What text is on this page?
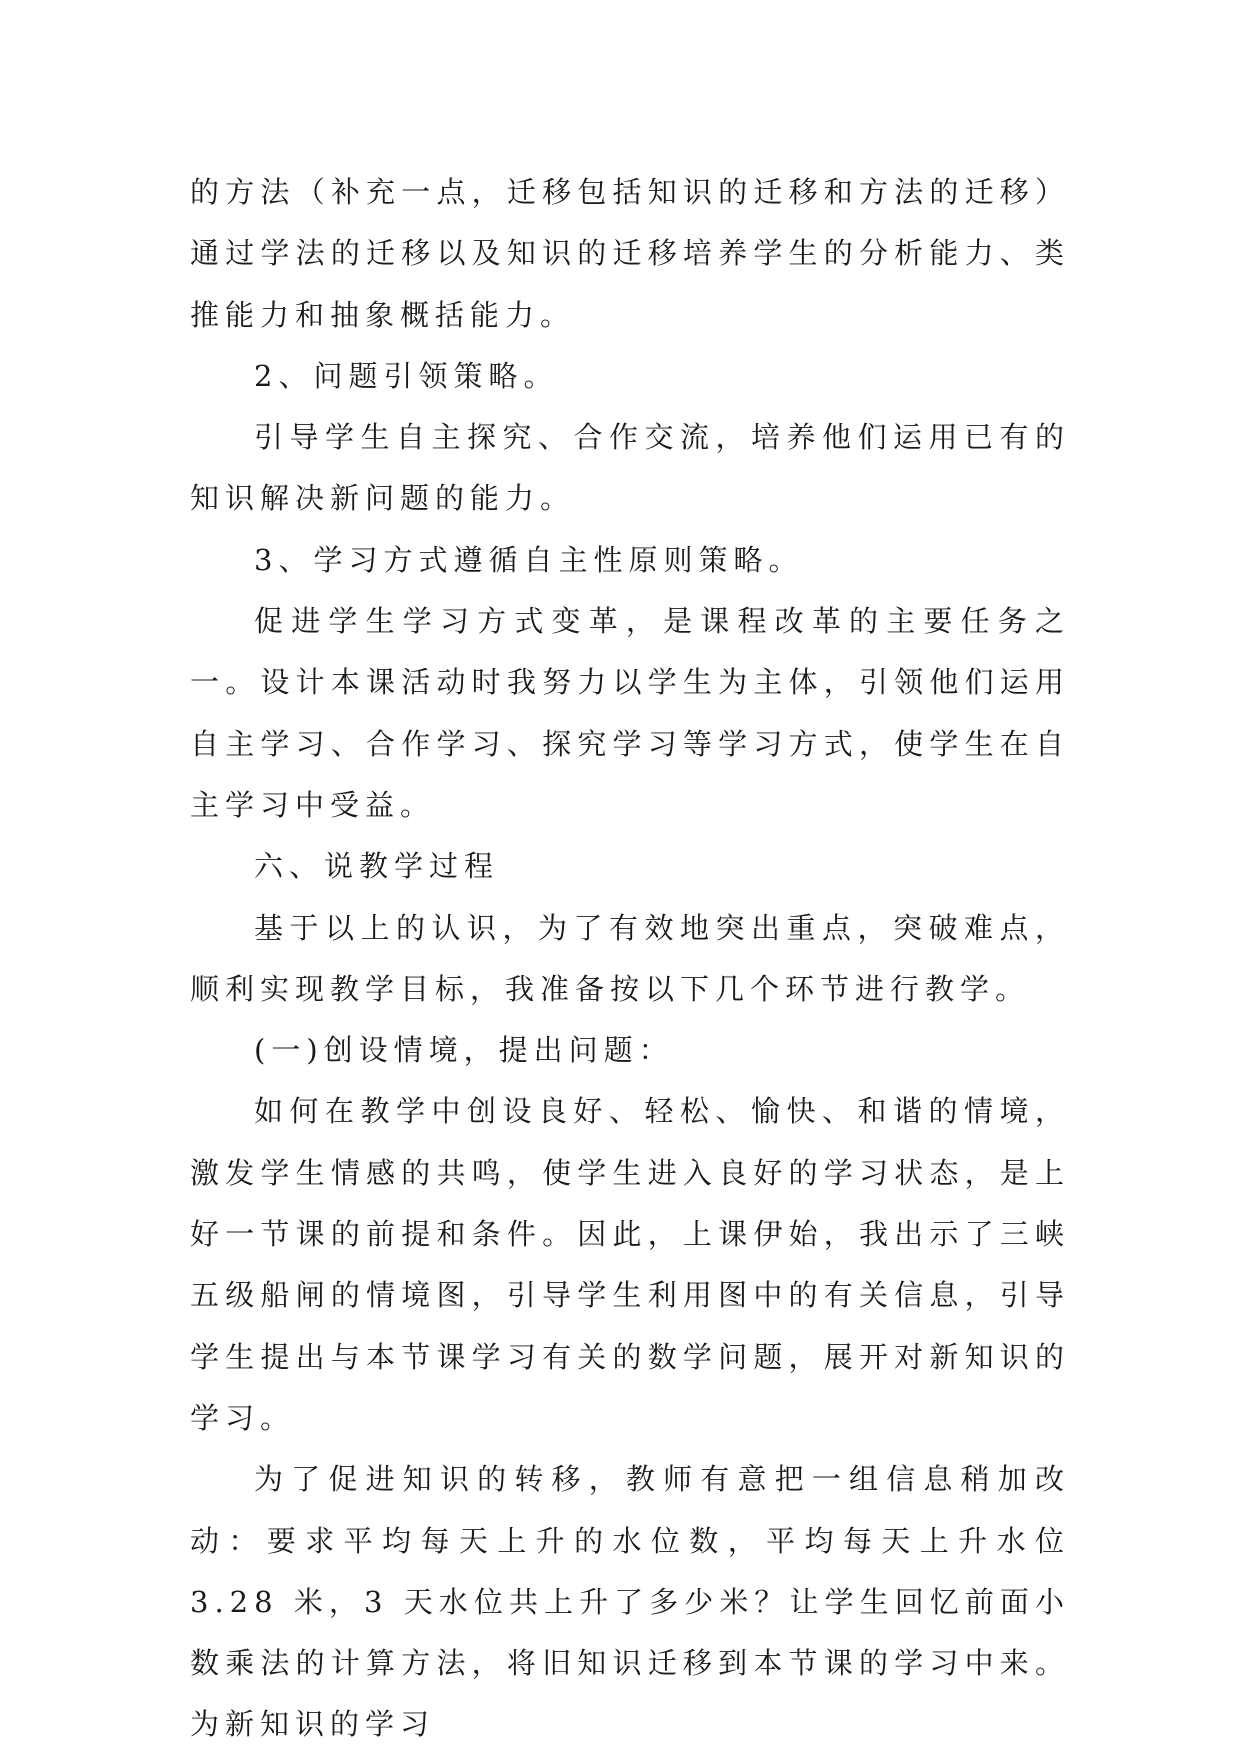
的方法（补充一点，迁移包括知识的迁移和方法的迁移）通过学法的迁移以及知识的迁移培养学生的分析能力、类推能力和抽象概括能力。

2、问题引领策略。

引导学生自主探究、合作交流，培养他们运用已有的知识解决新问题的能力。

3、学习方式遵循自主性原则策略。

促进学生学习方式变革，是课程改革的主要任务之一。设计本课活动时我努力以学生为主体，引领他们运用自主学习、合作学习、探究学习等学习方式，使学生在自主学习中受益。

六、说教学过程

基于以上的认识，为了有效地突出重点，突破难点，顺利实现教学目标，我准备按以下几个环节进行教学。

(一)创设情境，提出问题：

如何在教学中创设良好、轻松、愉快、和谐的情境，激发学生情感的共鸣，使学生进入良好的学习状态，是上好一节课的前提和条件。因此，上课伊始，我出示了三峡五级船闸的情境图，引导学生利用图中的有关信息，引导学生提出与本节课学习有关的数学问题，展开对新知识的学习。

为了促进知识的转移，教师有意把一组信息稍加改动：要求平均每天上升的水位数，平均每天上升水位 3.28 米，3 天水位共上升了多少米？让学生回忆前面小数乘法的计算方法，将旧知识迁移到本节课的学习中来。为新知识的学习
